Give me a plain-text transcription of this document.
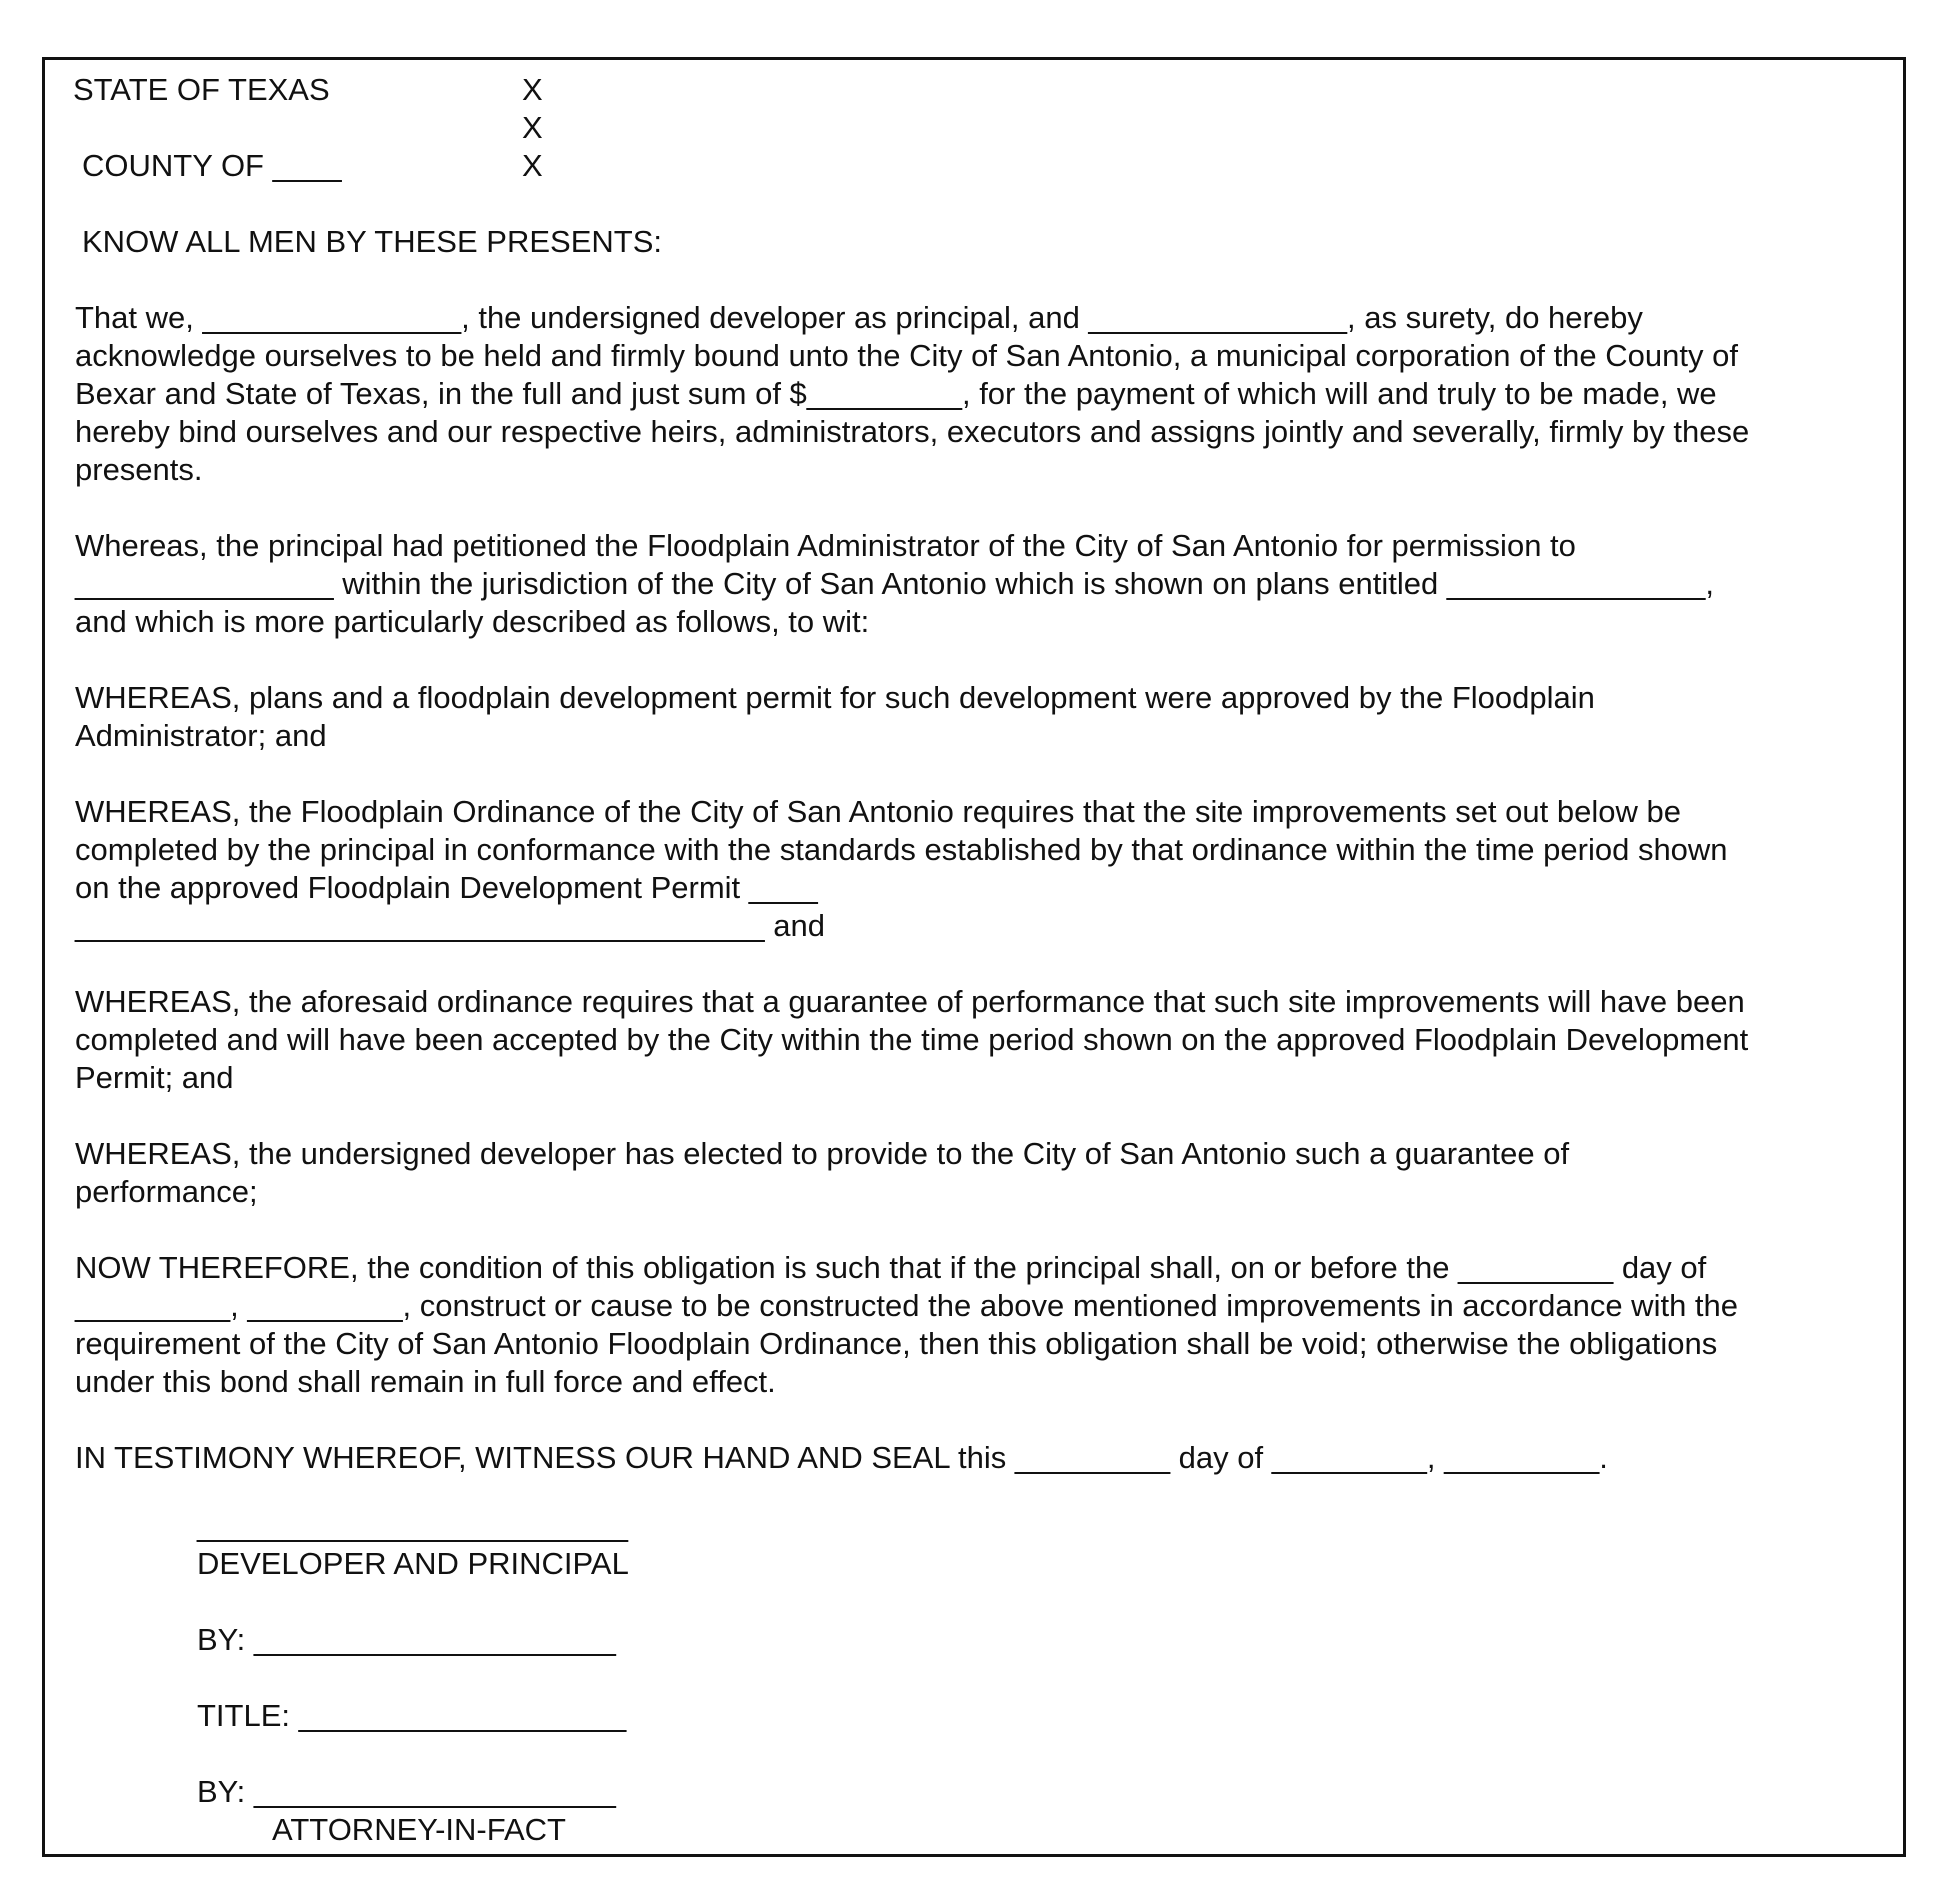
STATE OF TEXAS
COUNTY OF ____
X
X
X
KNOW ALL MEN BY THESE PRESENTS:
That we, _______________, the undersigned developer as principal, and _______________, as surety, do hereby
acknowledge ourselves to be held and firmly bound unto the City of San Antonio, a municipal corporation of the County of
Bexar and State of Texas, in the full and just sum of $_________, for the payment of which will and truly to be made, we
hereby bind ourselves and our respective heirs, administrators, executors and assigns jointly and severally, firmly by these
presents.
Whereas, the principal had petitioned the Floodplain Administrator of the City of San Antonio for permission to
_______________ within the jurisdiction of the City of San Antonio which is shown on plans entitled _______________,
and which is more particularly described as follows, to wit:
WHEREAS, plans and a floodplain development permit for such development were approved by the Floodplain
Administrator; and
WHEREAS, the Floodplain Ordinance of the City of San Antonio requires that the site improvements set out below be
completed by the principal in conformance with the standards established by that ordinance within the time period shown
on the approved Floodplain Development Permit ____
________________________________________ and
WHEREAS, the aforesaid ordinance requires that a guarantee of performance that such site improvements will have been
completed and will have been accepted by the City within the time period shown on the approved Floodplain Development
Permit; and
WHEREAS, the undersigned developer has elected to provide to the City of San Antonio such a guarantee of
performance;
NOW THEREFORE, the condition of this obligation is such that if the principal shall, on or before the _________ day of
_________, _________, construct or cause to be constructed the above mentioned improvements in accordance with the
requirement of the City of San Antonio Floodplain Ordinance, then this obligation shall be void; otherwise the obligations
under this bond shall remain in full force and effect.
IN TESTIMONY WHEREOF, WITNESS OUR HAND AND SEAL this _________ day of _________, _________.
_________________________
DEVELOPER AND PRINCIPAL
BY: _____________________
TITLE: ___________________
BY: _____________________
ATTORNEY-IN-FACT
